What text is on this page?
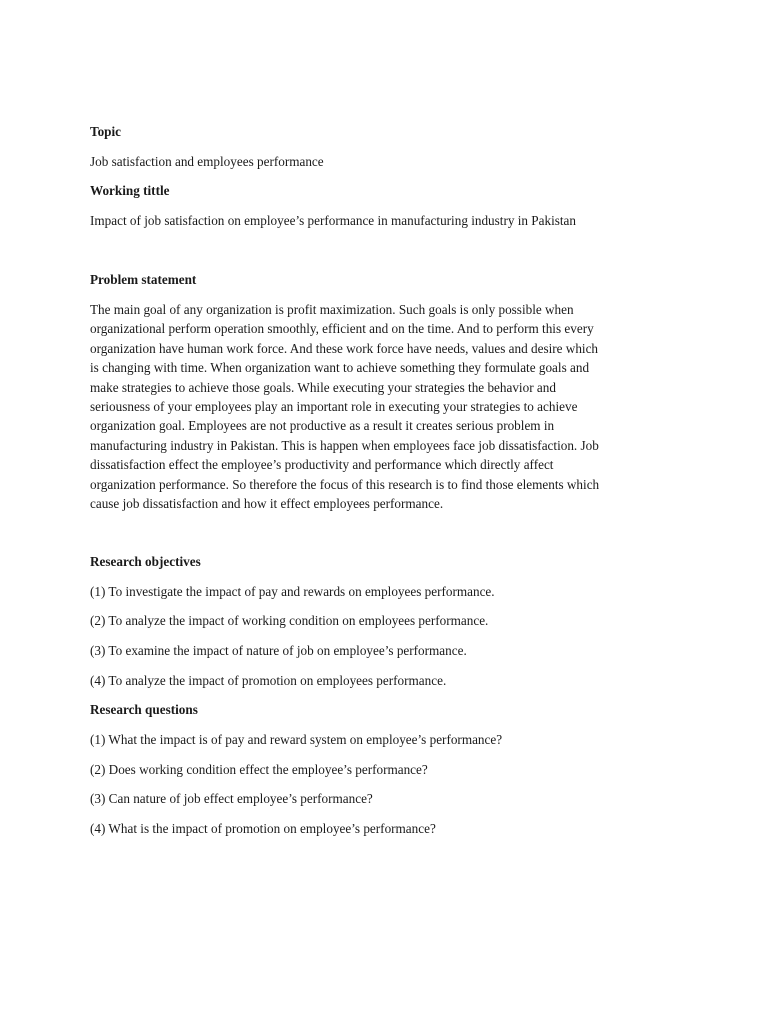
Topic

Job satisfaction and employees performance

Working tittle

Impact of job satisfaction on employee’s performance in manufacturing industry in Pakistan

Problem statement

The main goal of any organization is profit maximization. Such goals is only possible when
organizational perform operation smoothly, efficient and on the time. And to perform this every
organization have human work force. And these work force have needs, values and desire which
is changing with time. When organization want to achieve something they formulate goals and
make strategies to achieve those goals. While executing your strategies the behavior and
seriousness of your employees play an important role in executing your strategies to achieve
organization goal. Employees are not productive as a result it creates serious problem in
manufacturing industry in Pakistan. This is happen when employees face job dissatisfaction. Job
dissatisfaction effect the employee’s productivity and performance which directly affect
organization performance. So therefore the focus of this research is to find those elements which
cause job dissatisfaction and how it effect employees performance.

Research objectives

(1) To investigate the impact of pay and rewards on employees performance.

(2) To analyze the impact of working condition on employees performance.

(3) To examine the impact of nature of job on employee’s performance.

(4) To analyze the impact of promotion on employees performance.

Research questions

(1) What the impact is of pay and reward system on employee’s performance?

(2) Does working condition effect the employee’s performance?

(3) Can nature of job effect employee’s performance?

(4) What is the impact of promotion on employee’s performance?
